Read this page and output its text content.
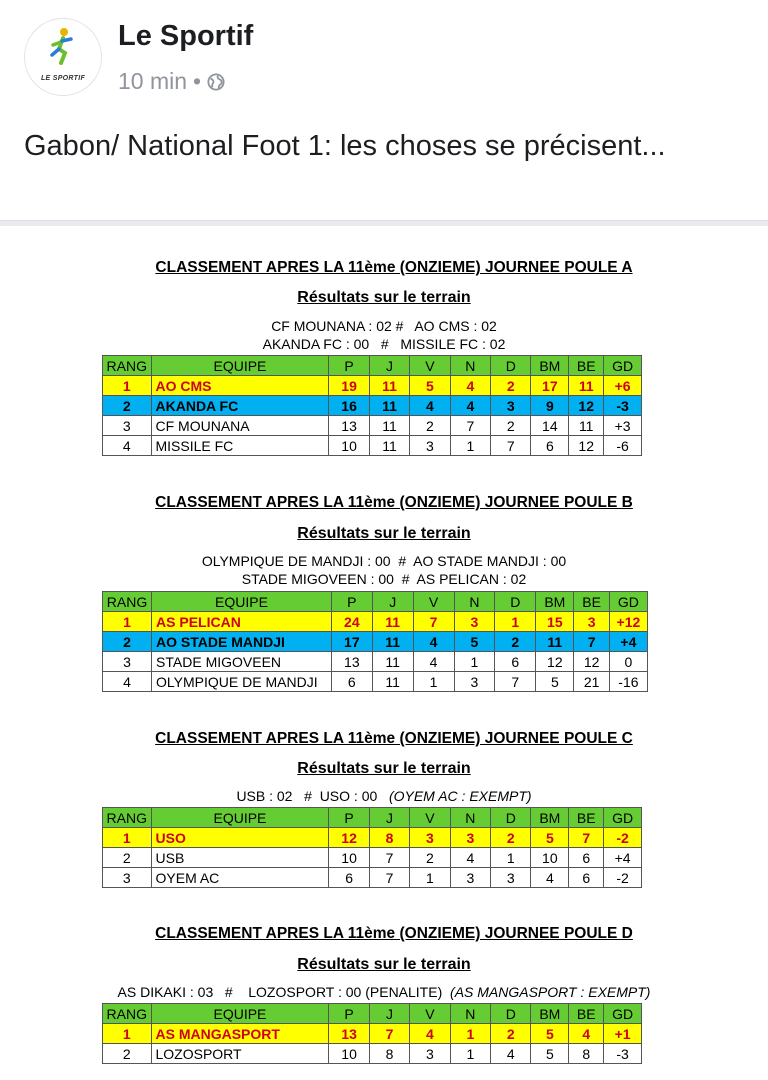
LE SPORTIF
Le Sportif
10 min •
Gabon/ National Foot 1: les choses se précisent...
CLASSEMENT APRES LA 11ème (ONZIEME) JOURNEE POULE A
Résultats sur le terrain
CF MOUNANA : 02 #   AO CMS : 02
AKANDA FC : 00   #   MISSILE FC : 02
RANG	EQUIPE	P	J	V	N	D	BM	BE	GD
1	AO CMS	19	11	5	4	2	17	11	+6
2	AKANDA FC	16	11	4	4	3	9	12	-3
3	CF MOUNANA	13	11	2	7	2	14	11	+3
4	MISSILE FC	10	11	3	1	7	6	12	-6
CLASSEMENT APRES LA 11ème (ONZIEME) JOURNEE POULE B
Résultats sur le terrain
OLYMPIQUE DE MANDJI : 00  #  AO STADE MANDJI : 00
STADE MIGOVEEN : 00  #  AS PELICAN : 02
RANG	EQUIPE	P	J	V	N	D	BM	BE	GD
1	AS PELICAN	24	11	7	3	1	15	3	+12
2	AO STADE MANDJI	17	11	4	5	2	11	7	+4
3	STADE MIGOVEEN	13	11	4	1	6	12	12	0
4	OLYMPIQUE DE MANDJI	6	11	1	3	7	5	21	-16
CLASSEMENT APRES LA 11ème (ONZIEME) JOURNEE POULE C
Résultats sur le terrain
USB : 02   #  USO : 00   (OYEM AC : EXEMPT)
RANG	EQUIPE	P	J	V	N	D	BM	BE	GD
1	USO	12	8	3	3	2	5	7	-2
2	USB	10	7	2	4	1	10	6	+4
3	OYEM AC	6	7	1	3	3	4	6	-2
CLASSEMENT APRES LA 11ème (ONZIEME) JOURNEE POULE D
Résultats sur le terrain
AS DIKAKI : 03   #    LOZOSPORT : 00 (PENALITE)  (AS MANGASPORT : EXEMPT)
RANG	EQUIPE	P	J	V	N	D	BM	BE	GD
1	AS MANGASPORT	13	7	4	1	2	5	4	+1
2	LOZOSPORT	10	8	3	1	4	5	8	-3
